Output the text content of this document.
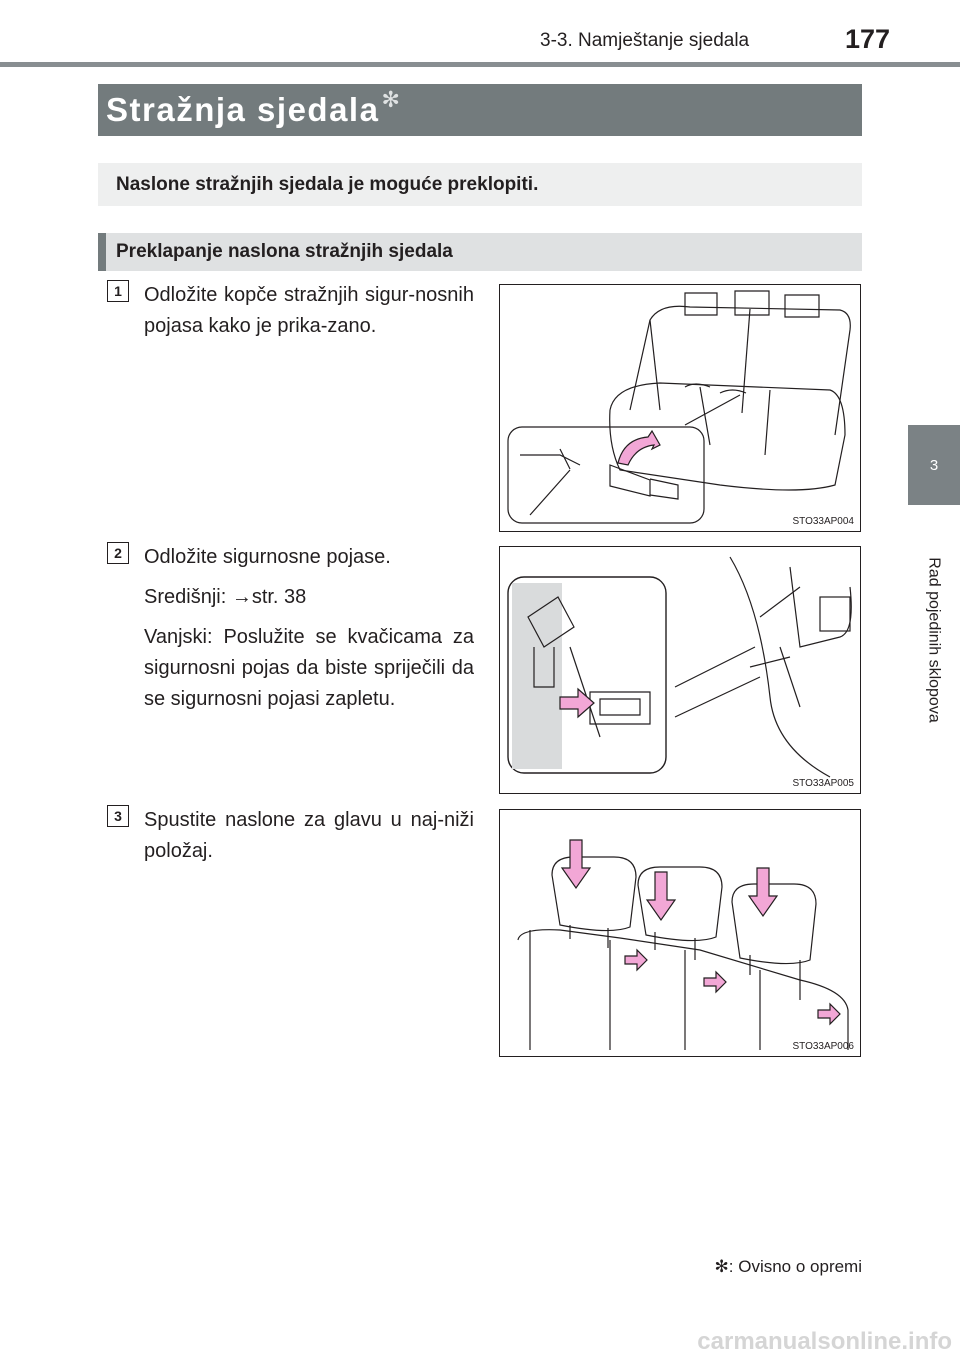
3-3. Namještanje sjedala	177
3
Rad pojedinih sklopova
Stražnja sjedala ✻
Naslone stražnjih sjedala je moguće preklopiti.
Preklapanje naslona stražnjih sjedala
1	Odložite kopče stražnjih sigur-nosnih pojasa kako je prika-zano.

STO33AP004
2	Odložite sigurnosne pojase.

Središnji: →str. 38

Vanjski: Poslužite se kvačicama za sigurnosni pojas da biste spriječili da se sigurnosni pojasi zapletu.

STO33AP005
3	Spustite naslone za glavu u naj-niži položaj.

STO33AP006
✻: Ovisno o opremi
carmanualsonline.info
